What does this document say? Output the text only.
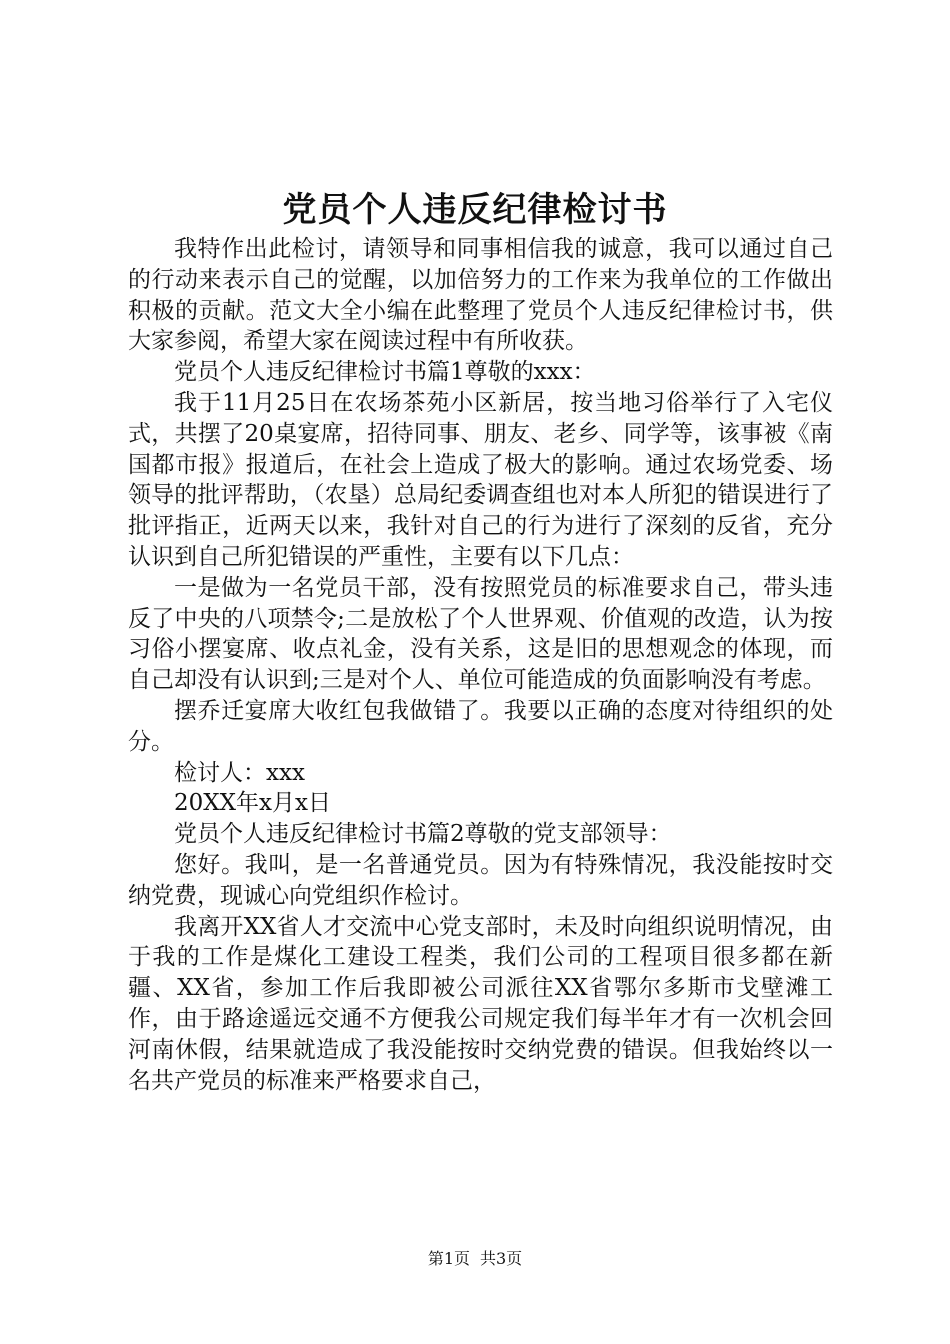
党员个人违反纪律检讨书

我特作出此检讨，请领导和同事相信我的诚意，我可以通过自己的行动来表示自己的觉醒，以加倍努力的工作来为我单位的工作做出积极的贡献。范文大全小编在此整理了党员个人违反纪律检讨书，供大家参阅，希望大家在阅读过程中有所收获。

党员个人违反纪律检讨书篇1尊敬的xxx：

我于11月25日在农场茶苑小区新居，按当地习俗举行了入宅仪式，共摆了20桌宴席，招待同事、朋友、老乡、同学等，该事被《南国都市报》报道后，在社会上造成了极大的影响。通过农场党委、场领导的批评帮助，（农垦）总局纪委调查组也对本人所犯的错误进行了批评指正，近两天以来，我针对自己的行为进行了深刻的反省，充分认识到自己所犯错误的严重性，主要有以下几点：

一是做为一名党员干部，没有按照党员的标准要求自己，带头违反了中央的八项禁令;二是放松了个人世界观、价值观的改造，认为按习俗小摆宴席、收点礼金，没有关系，这是旧的思想观念的体现，而自己却没有认识到;三是对个人、单位可能造成的负面影响没有考虑。

摆乔迁宴席大收红包我做错了。我要以正确的态度对待组织的处分。

检讨人：xxx

20XX年x月x日

党员个人违反纪律检讨书篇2尊敬的党支部领导：

您好。我叫，是一名普通党员。因为有特殊情况，我没能按时交纳党费，现诚心向党组织作检讨。

我离开XX省人才交流中心党支部时，未及时向组织说明情况，由于我的工作是煤化工建设工程类，我们公司的工程项目很多都在新疆、XX省，参加工作后我即被公司派往XX省鄂尔多斯市戈壁滩工作，由于路途遥远交通不方便我公司规定我们每半年才有一次机会回河南休假，结果就造成了我没能按时交纳党费的错误。但我始终以一名共产党员的标准来严格要求自己，

第1页 共3页
